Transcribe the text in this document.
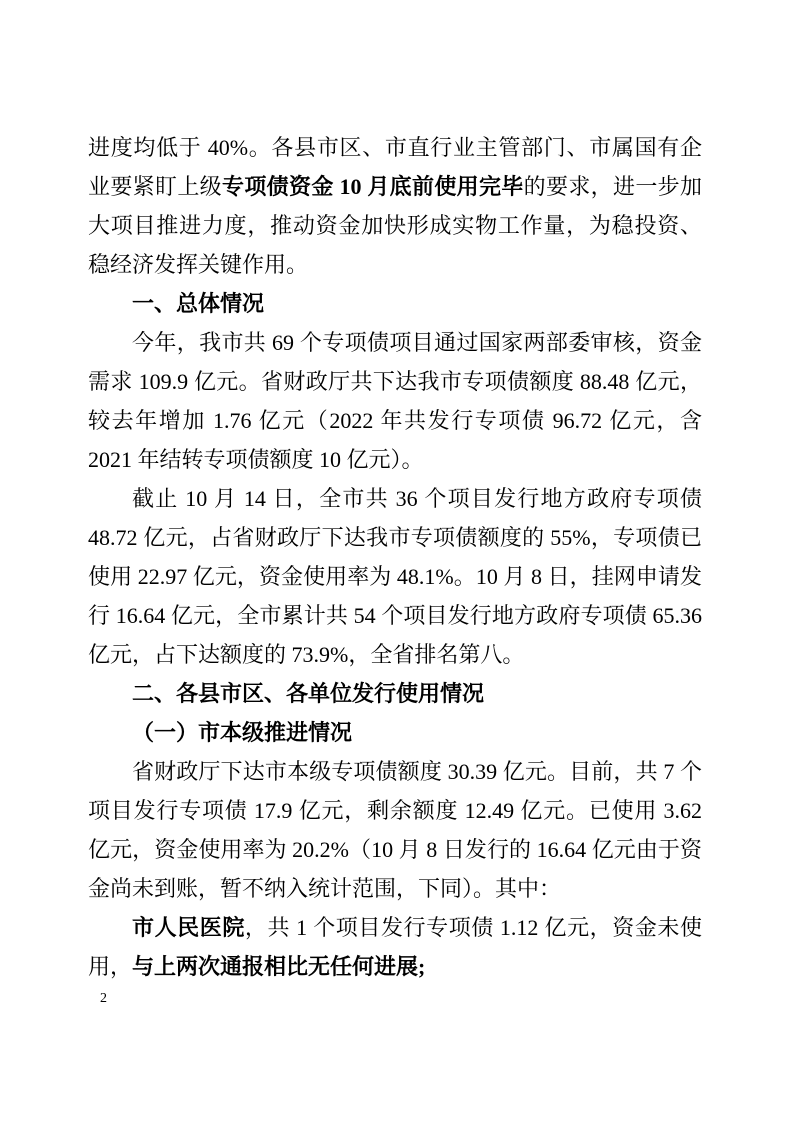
进度均低于 40%。各县市区、市直行业主管部门、市属国有企业要紧盯上级专项债资金 10 月底前使用完毕的要求，进一步加大项目推进力度，推动资金加快形成实物工作量，为稳投资、稳经济发挥关键作用。

一、总体情况

今年，我市共 69 个专项债项目通过国家两部委审核，资金需求 109.9 亿元。省财政厅共下达我市专项债额度 88.48 亿元，较去年增加 1.76 亿元（2022 年共发行专项债 96.72 亿元，含 2021 年结转专项债额度 10 亿元）。

截止 10 月 14 日，全市共 36 个项目发行地方政府专项债 48.72 亿元，占省财政厅下达我市专项债额度的 55%，专项债已使用 22.97 亿元，资金使用率为 48.1%。10 月 8 日，挂网申请发行 16.64 亿元，全市累计共 54 个项目发行地方政府专项债 65.36 亿元，占下达额度的 73.9%，全省排名第八。

二、各县市区、各单位发行使用情况

（一）市本级推进情况

省财政厅下达市本级专项债额度 30.39 亿元。目前，共 7 个项目发行专项债 17.9 亿元，剩余额度 12.49 亿元。已使用 3.62 亿元，资金使用率为 20.2%（10 月 8 日发行的 16.64 亿元由于资金尚未到账，暂不纳入统计范围，下同）。其中：

市人民医院，共 1 个项目发行专项债 1.12 亿元，资金未使用，与上两次通报相比无任何进展;

2
